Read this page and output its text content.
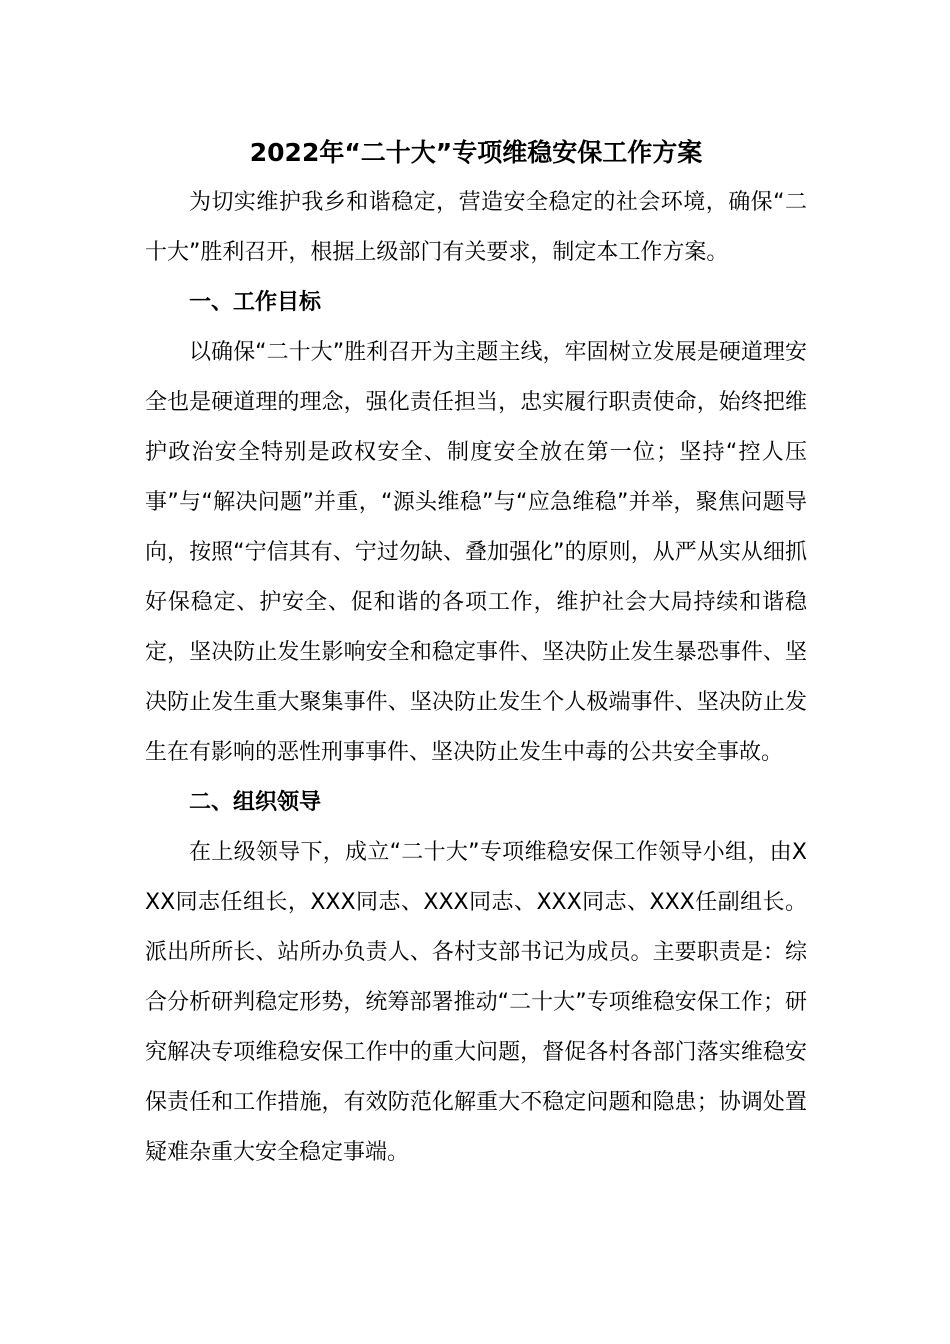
2022年“二十大”专项维稳安保工作方案

为切实维护我乡和谐稳定，营造安全稳定的社会环境，确保“二十大”胜利召开，根据上级部门有关要求，制定本工作方案。

一、工作目标

以确保“二十大”胜利召开为主题主线，牢固树立发展是硬道理安全也是硬道理的理念，强化责任担当，忠实履行职责使命，始终把维护政治安全特别是政权安全、制度安全放在第一位；坚持“控人压事”与“解决问题”并重，“源头维稳”与“应急维稳”并举，聚焦问题导向，按照“宁信其有、宁过勿缺、叠加强化”的原则，从严从实从细抓好保稳定、护安全、促和谐的各项工作，维护社会大局持续和谐稳定，坚决防止发生影响安全和稳定事件、坚决防止发生暴恐事件、坚决防止发生重大聚集事件、坚决防止发生个人极端事件、坚决防止发生在有影响的恶性刑事事件、坚决防止发生中毒的公共安全事故。

二、组织领导

在上级领导下，成立“二十大”专项维稳安保工作领导小组，由XXX同志任组长，XXX同志、XXX同志、XXX同志、XXX任副组长。派出所所长、站所办负责人、各村支部书记为成员。主要职责是：综合分析研判稳定形势，统筹部署推动“二十大”专项维稳安保工作；研究解决专项维稳安保工作中的重大问题，督促各村各部门落实维稳安保责任和工作措施，有效防范化解重大不稳定问题和隐患；协调处置疑难杂重大安全稳定事端。
